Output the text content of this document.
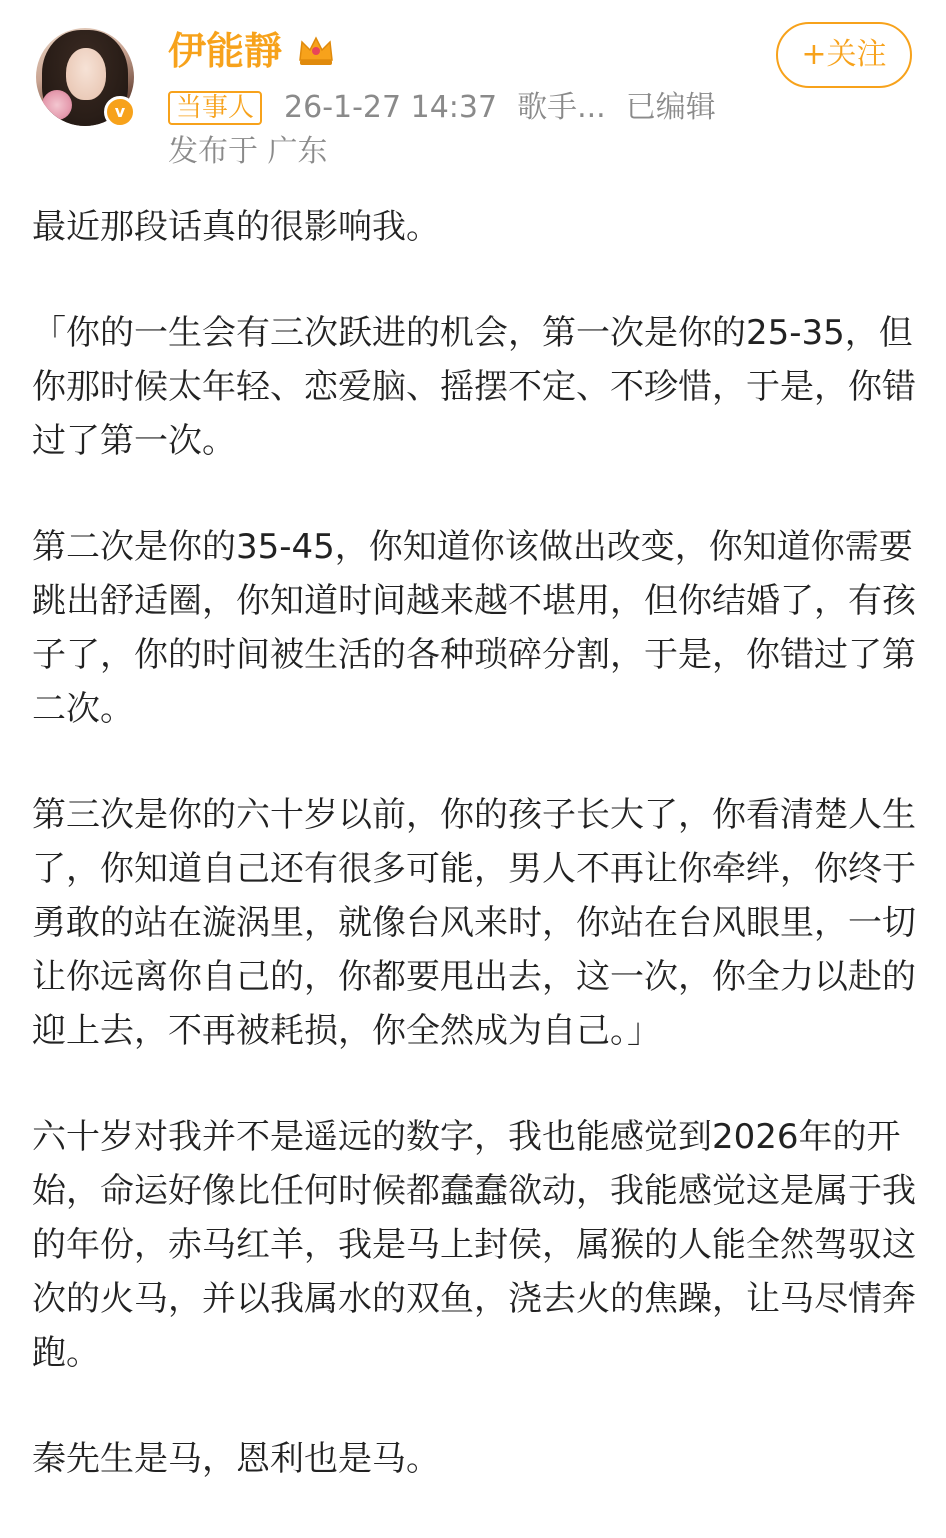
v
伊能靜
当事人 26-1-27 14:37 歌手... 已编辑
发布于 广东
+关注

最近那段话真的很影响我。

「你的一生会有三次跃进的机会，第一次是你的25-35，但你那时候太年轻、恋爱脑、摇摆不定、不珍惜，于是，你错过了第一次。

第二次是你的35-45，你知道你该做出改变，你知道你需要跳出舒适圈，你知道时间越来越不堪用，但你结婚了，有孩子了，你的时间被生活的各种琐碎分割，于是，你错过了第二次。

第三次是你的六十岁以前，你的孩子长大了，你看清楚人生了，你知道自己还有很多可能，男人不再让你牵绊，你终于勇敢的站在漩涡里，就像台风来时，你站在台风眼里，一切让你远离你自己的，你都要甩出去，这一次，你全力以赴的迎上去，不再被耗损，你全然成为自己。」

六十岁对我并不是遥远的数字，我也能感觉到2026年的开始，命运好像比任何时候都蠢蠢欲动，我能感觉这是属于我的年份，赤马红羊，我是马上封侯，属猴的人能全然驾驭这次的火马，并以我属水的双鱼，浇去火的焦躁，让马尽情奔跑。

秦先生是马，恩利也是马。
